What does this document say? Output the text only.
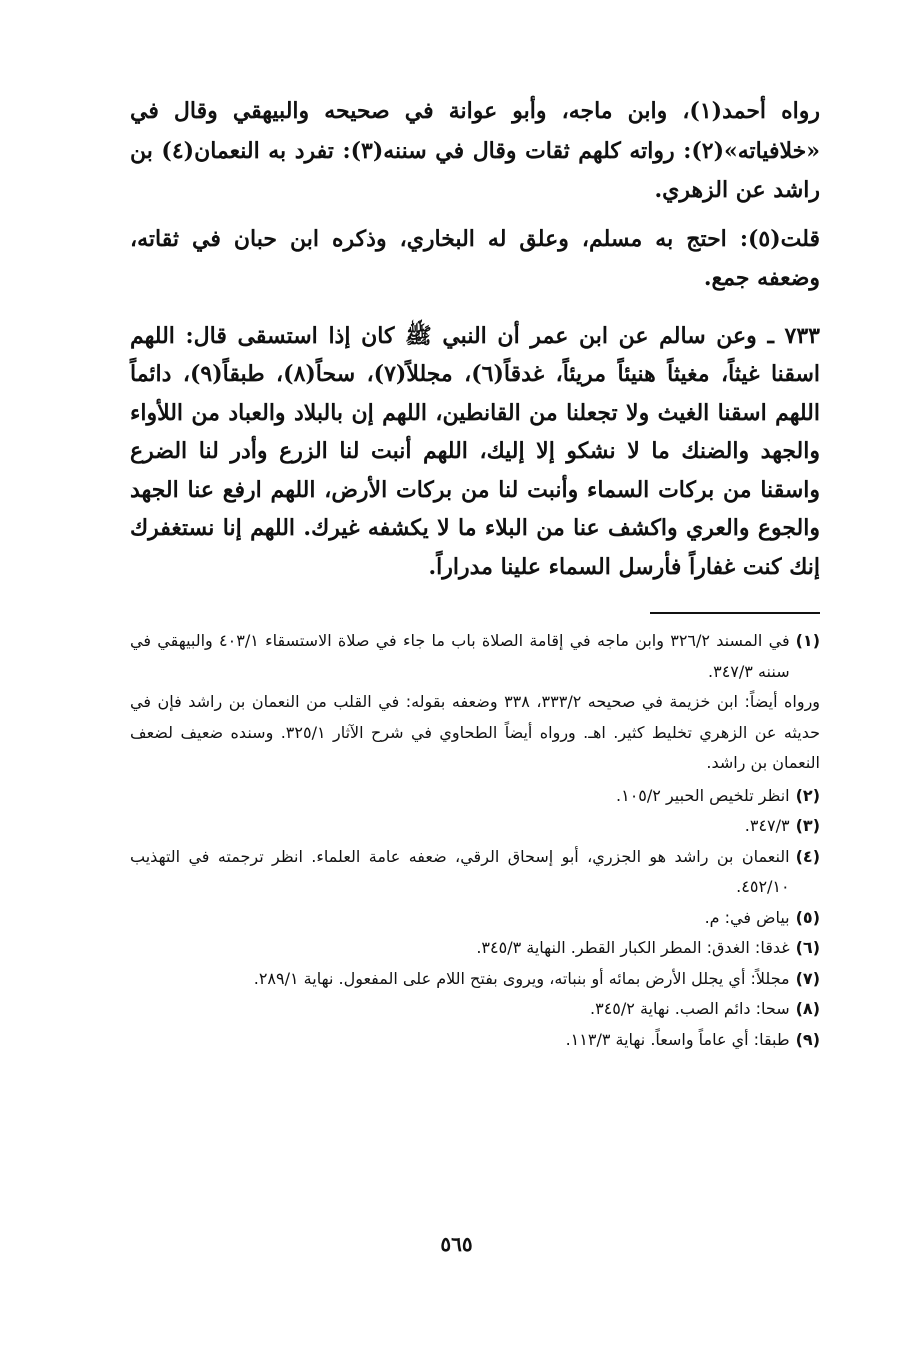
رواه أحمد(١)، وابن ماجه، وأبو عوانة في صحيحه والبيهقي وقال في «خلافياته»(٢): رواته كلهم ثقات وقال في سننه(٣): تفرد به النعمان(٤) بن راشد عن الزهري.

قلت(٥): احتج به مسلم، وعلق له البخاري، وذكره ابن حبان في ثقاته، وضعفه جمع.

٧٣٣ ـ وعن سالم عن ابن عمر أن النبي ﷺ كان إذا استسقى قال: اللهم اسقنا غيثاً، مغيثاً هنيئاً مريئاً، غدقاً(٦)، مجللاً(٧)، سحاً(٨)، طبقاً(٩)، دائماً اللهم اسقنا الغيث ولا تجعلنا من القانطين، اللهم إن بالبلاد والعباد من اللأواء والجهد والضنك ما لا نشكو إلا إليك، اللهم أنبت لنا الزرع وأدر لنا الضرع واسقنا من بركات السماء وأنبت لنا من بركات الأرض، اللهم ارفع عنا الجهد والجوع والعري واكشف عنا من البلاء ما لا يكشفه غيرك. اللهم إنا نستغفرك إنك كنت غفاراً فأرسل السماء علينا مدراراً.

(١)
في المسند ٣٢٦/٢ وابن ماجه في إقامة الصلاة باب ما جاء في صلاة الاستسقاء ٤٠٣/١ والبيهقي في سننه ٣٤٧/٣.

ورواه أيضاً: ابن خزيمة في صحيحه ٣٣٣/٢، ٣٣٨ وضعفه بقوله: في القلب من النعمان بن راشد فإن في حديثه عن الزهري تخليط كثير. اهـ. ورواه أيضاً الطحاوي في شرح الآثار ٣٢٥/١. وسنده ضعيف لضعف النعمان بن راشد.

(٢)
انظر تلخيص الحبير ١٠٥/٢.
(٣)
٣٤٧/٣.
(٤)
النعمان بن راشد هو الجزري، أبو إسحاق الرقي، ضعفه عامة العلماء. انظر ترجمته في التهذيب ٤٥٢/١٠.
(٥)
بياض في: م.
(٦)
غدقا: الغدق: المطر الكبار القطر. النهاية ٣٤٥/٣.
(٧)
مجللاً: أي يجلل الأرض بمائه أو بنباته، ويروى بفتح اللام على المفعول. نهاية ٢٨٩/١.
(٨)
سحا: دائم الصب. نهاية ٣٤٥/٢.
(٩)
طبقا: أي عاماً واسعاً. نهاية ١١٣/٣.
٥٦٥
